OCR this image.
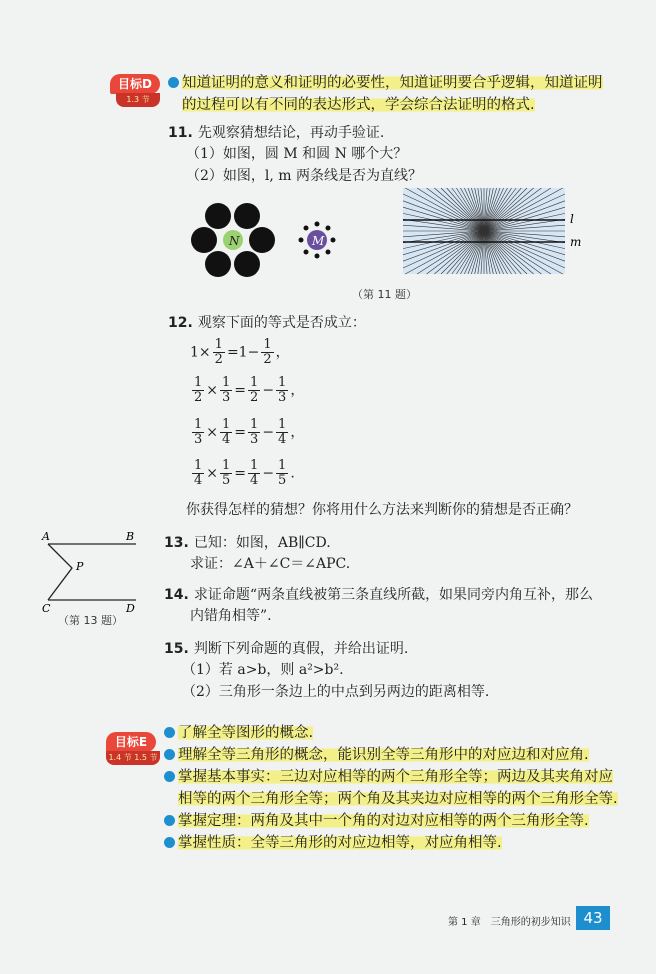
目标D
1.3 节
知道证明的意义和证明的必要性，知道证明要合乎逻辑，知道证明
的过程可以有不同的表达形式，学会综合法证明的格式.
11. 先观察猜想结论，再动手验证.
（1）如图，圆 M 和圆 N 哪个大？
（2）如图，l, m 两条线是否为直线？
N	M
l
m
（第 11 题）
12. 观察下面的等式是否成立：
$1\times \frac{1}{2} =1- \frac{1}{2}$ ，
$\frac{1}{2} \times \frac{1}{3} = \frac{1}{2} - \frac{1}{3}$ ，
$\frac{1}{3} \times \frac{1}{4} = \frac{1}{3} - \frac{1}{4}$ ，
$\frac{1}{4} \times \frac{1}{5} = \frac{1}{4} - \frac{1}{5}$ .
你获得怎样的猜想？你将用什么方法来判断你的猜想是否正确？
A	B
P
C	D
（第 13 题）
13. 已知：如图，AB∥CD.
求证：∠A＋∠C＝∠APC.
14. 求证命题“两条直线被第三条直线所截，如果同旁内角互补，那么
内错角相等”.
15. 判断下列命题的真假，并给出证明.
（1）若 a>b，则 a²>b².
（2）三角形一条边上的中点到另两边的距离相等.
目标E
1.4 节 1.5 节
了解全等图形的概念.
理解全等三角形的概念，能识别全等三角形中的对应边和对应角.
掌握基本事实：三边对应相等的两个三角形全等；两边及其夹角对应
相等的两个三角形全等；两个角及其夹边对应相等的两个三角形全等.
掌握定理：两角及其中一个角的对边对应相等的两个三角形全等.
掌握性质：全等三角形的对应边相等，对应角相等.
第 1 章　三角形的初步知识 43
